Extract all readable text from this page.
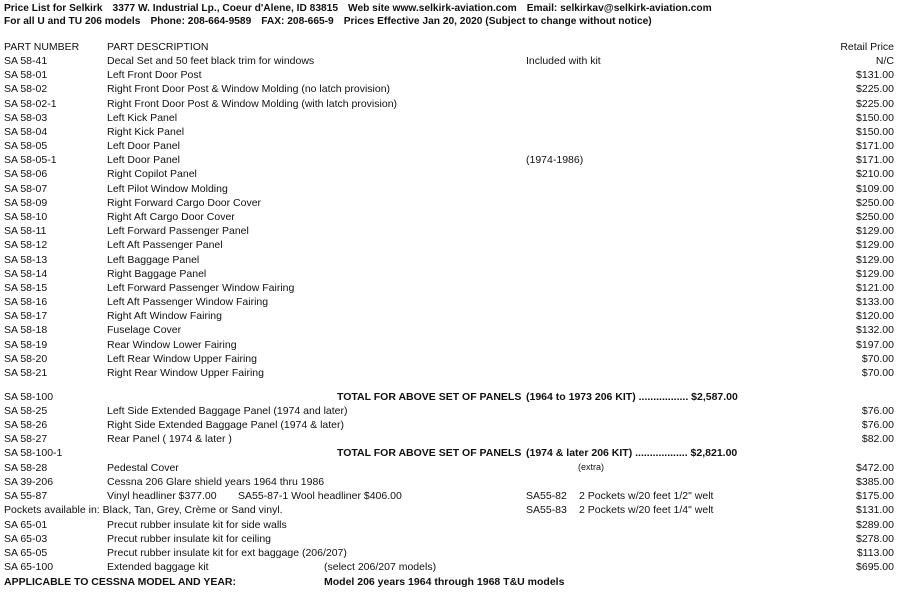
Price List for Selkirk 3377 W. Industrial Lp., Coeur d'Alene, ID 83815 Web site www.selkirk-aviation.com Email: selkirkav@selkirk-aviation.com
For all U and TU 206 models Phone: 208-664-9589 FAX: 208-665-9 Prices Effective Jan 20, 2020 (Subject to change without notice)
PART NUMBER	PART DESCRIPTION	Retail Price
SA 58-41	Decal Set and 50 feet black trim for windows	Included with kit	N/C
SA 58-01	Left Front Door Post	$131.00
SA 58-02	Right Front Door Post & Window Molding (no latch provision)	$225.00
SA 58-02-1	Right Front Door Post & Window Molding (with latch provision)	$225.00
SA 58-03	Left Kick Panel	$150.00
SA 58-04	Right Kick Panel	$150.00
SA 58-05	Left Door Panel	$171.00
SA 58-05-1	Left Door Panel	(1974-1986)	$171.00
SA 58-06	Right Copilot Panel	$210.00
SA 58-07	Left Pilot Window Molding	$109.00
SA 58-09	Right Forward Cargo Door Cover	$250.00
SA 58-10	Right Aft Cargo Door Cover	$250.00
SA 58-11	Left Forward Passenger Panel	$129.00
SA 58-12	Left Aft Passenger Panel	$129.00
SA 58-13	Left Baggage Panel	$129.00
SA 58-14	Right Baggage Panel	$129.00
SA 58-15	Left Forward Passenger Window Fairing	$121.00
SA 58-16	Left Aft Passenger Window Fairing	$133.00
SA 58-17	Right Aft Window Fairing	$120.00
SA 58-18	Fuselage Cover	$132.00
SA 58-19	Rear Window Lower Fairing	$197.00
SA 58-20	Left Rear Window Upper Fairing	$70.00
SA 58-21	Right Rear Window Upper Fairing	$70.00
SA 58-100	TOTAL FOR ABOVE SET OF PANELS (1964 to 1973 206 KIT) ................. $2,587.00
SA 58-25	Left Side Extended Baggage Panel (1974 and later)	$76.00
SA 58-26	Right Side Extended Baggage Panel (1974 & later)	$76.00
SA 58-27	Rear Panel ( 1974 & later )	$82.00
SA 58-100-1	TOTAL FOR ABOVE SET OF PANELS (1974 & later 206 KIT) .................. $2,821.00
SA 58-28	Pedestal Cover	(extra)	$472.00
SA 39-206	Cessna 206 Glare shield years 1964 thru 1986	$385.00
SA 55-87	Vinyl headliner $377.00 SA55-87-1 Wool headliner $406.00	SA55-82 2 Pockets w/20 feet 1/2" welt	$175.00
Pockets available in: Black, Tan, Grey, Crème or Sand vinyl.	SA55-83 2 Pockets w/20 feet 1/4" welt	$131.00
SA 65-01	Precut rubber insulate kit for side walls	$289.00
SA 65-03	Precut rubber insulate kit for ceiling	$278.00
SA 65-05	Precut rubber insulate kit for ext baggage (206/207)	$113.00
SA 65-100	Extended baggage kit	(select 206/207 models)	$695.00
APPLICABLE TO CESSNA MODEL AND YEAR:	Model 206 years 1964 through 1968 T&U models
